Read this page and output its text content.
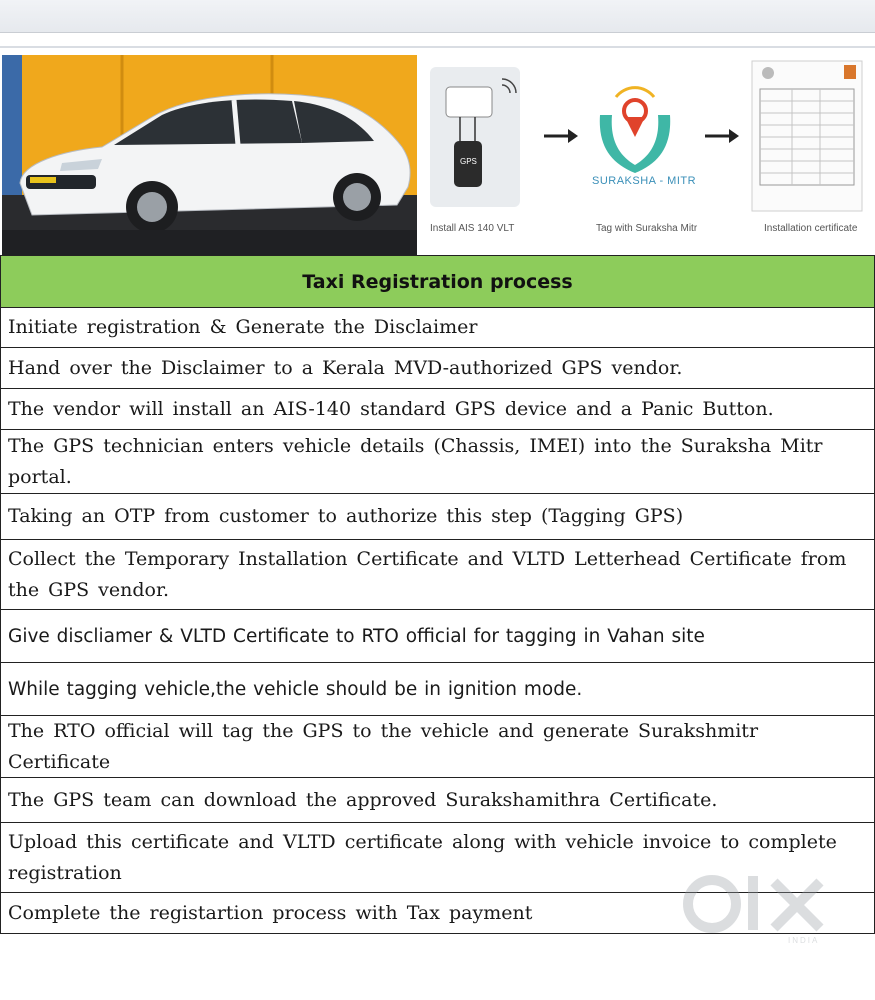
GPS
SURAKSHA - MITR
Install AIS 140 VLT	Tag with Suraksha Mitr	Installation certificate
Taxi Registration process
Initiate registration & Generate the Disclaimer
Hand over the Disclaimer to a Kerala MVD-authorized GPS vendor.
The vendor will install an AIS-140 standard GPS device and a Panic Button.
The GPS technician enters vehicle details (Chassis, IMEI) into the Suraksha Mitr portal.
Taking an OTP from customer to authorize this step (Tagging GPS)
Collect the Temporary Installation Certificate and VLTD Letterhead Certificate from the GPS vendor.
Give discliamer & VLTD Certificate to RTO official for tagging in Vahan site
While tagging vehicle,the vehicle should be in ignition mode.
The RTO official will tag the GPS to the vehicle and generate Surakshmitr Certificate
The GPS team can download the approved Surakshamithra Certificate.
Upload this certificate and VLTD certificate along with vehicle invoice to complete registration
Complete the registartion process with Tax payment
INDIA
